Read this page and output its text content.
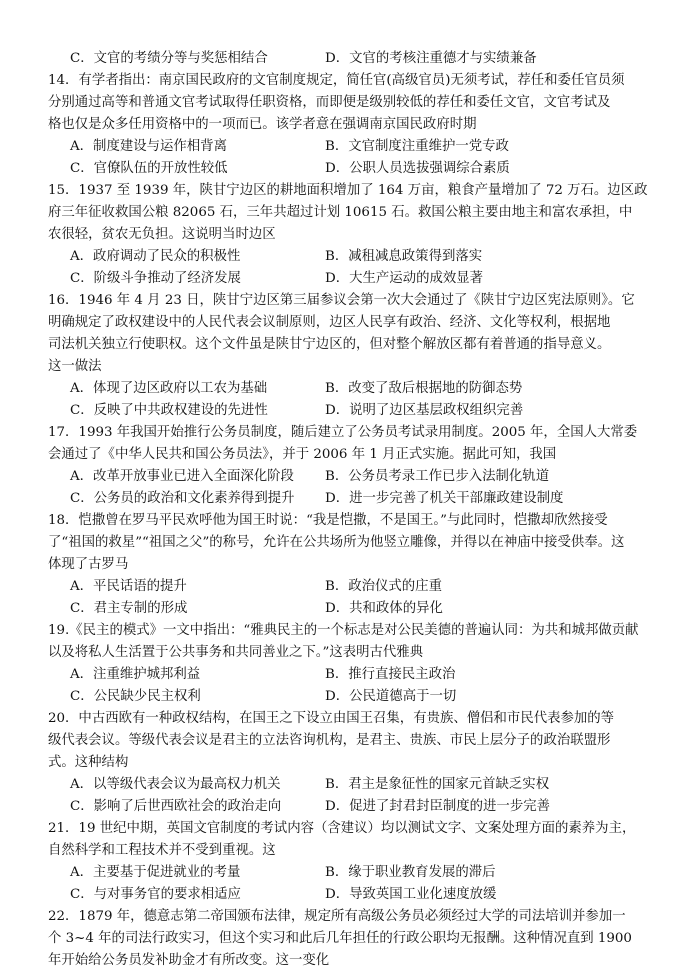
C．文官的考绩分等与奖惩相结合	D．文官的考核注重德才与实绩兼备
14．有学者指出：南京国民政府的文官制度规定，简任官(高级官员)无须考试，荐任和委任官员须
分别通过高等和普通文官考试取得任职资格，而即便是级别较低的荐任和委任文官，文官考试及
格也仅是众多任用资格中的一项而已。该学者意在强调南京国民政府时期
A．制度建设与运作相背离	B．文官制度注重维护一党专政
C．官僚队伍的开放性较低	D．公职人员选拔强调综合素质
15．1937 至 1939 年，陕甘宁边区的耕地面积增加了 164 万亩，粮食产量增加了 72 万石。边区政
府三年征收救国公粮 82065 石，三年共超过计划 10615 石。救国公粮主要由地主和富农承担，中
农很轻，贫农无负担。这说明当时边区
A．政府调动了民众的积极性	B．减租减息政策得到落实
C．阶级斗争推动了经济发展	D．大生产运动的成效显著
16．1946 年 4 月 23 日，陕甘宁边区第三届参议会第一次大会通过了《陕甘宁边区宪法原则》。它
明确规定了政权建设中的人民代表会议制原则，边区人民享有政治、经济、文化等权利，根据地
司法机关独立行使职权。这个文件虽是陕甘宁边区的，但对整个解放区都有着普通的指导意义。
这一做法
A．体现了边区政府以工农为基础	B．改变了敌后根据地的防御态势
C．反映了中共政权建设的先进性	D．说明了边区基层政权组织完善
17．1993 年我国开始推行公务员制度，随后建立了公务员考试录用制度。2005 年，全国人大常委
会通过了《中华人民共和国公务员法》，并于 2006 年 1 月正式实施。据此可知，我国
A．改革开放事业已进入全面深化阶段 B．公务员考录工作已步入法制化轨道
C．公务员的政治和文化素养得到提升 D．进一步完善了机关干部廉政建设制度
18．恺撒曾在罗马平民欢呼他为国王时说：“我是恺撒，不是国王。”与此同时，恺撒却欣然接受
了“祖国的救星”“祖国之父”的称号，允许在公共场所为他竖立雕像，并得以在神庙中接受供奉。这
体现了古罗马
A．平民话语的提升	B．政治仪式的庄重
C．君主专制的形成	D．共和政体的异化
19.《民主的模式》一文中指出：“雅典民主的一个标志是对公民美德的普遍认同：为共和城邦做贡献
以及将私人生活置于公共事务和共同善业之下。”这表明古代雅典
A．注重维护城邦利益	B．推行直接民主政治
C．公民缺少民主权利	D．公民道德高于一切
20．中古西欧有一种政权结构，在国王之下设立由国王召集，有贵族、僧侣和市民代表参加的等
级代表会议。等级代表会议是君主的立法咨询机构，是君主、贵族、市民上层分子的政治联盟形
式。这种结构
A．以等级代表会议为最高权力机关	B．君主是象征性的国家元首缺乏实权
C．影响了后世西欧社会的政治走向	D．促进了封君封臣制度的进一步完善
21．19 世纪中期，英国文官制度的考试内容（含建议）均以测试文字、文案处理方面的素养为主，
自然科学和工程技术并不受到重视。这
A．主要基于促进就业的考量	B．缘于职业教育发展的滞后
C．与对事务官的要求相适应	D．导致英国工业化速度放缓
22．1879 年，德意志第二帝国颁布法律，规定所有高级公务员必须经过大学的司法培训并参加一
个 3~4 年的司法行政实习，但这个实习和此后几年担任的行政公职均无报酬。这种情况直到 1900
年开始给公务员发补助金才有所改变。这一变化
